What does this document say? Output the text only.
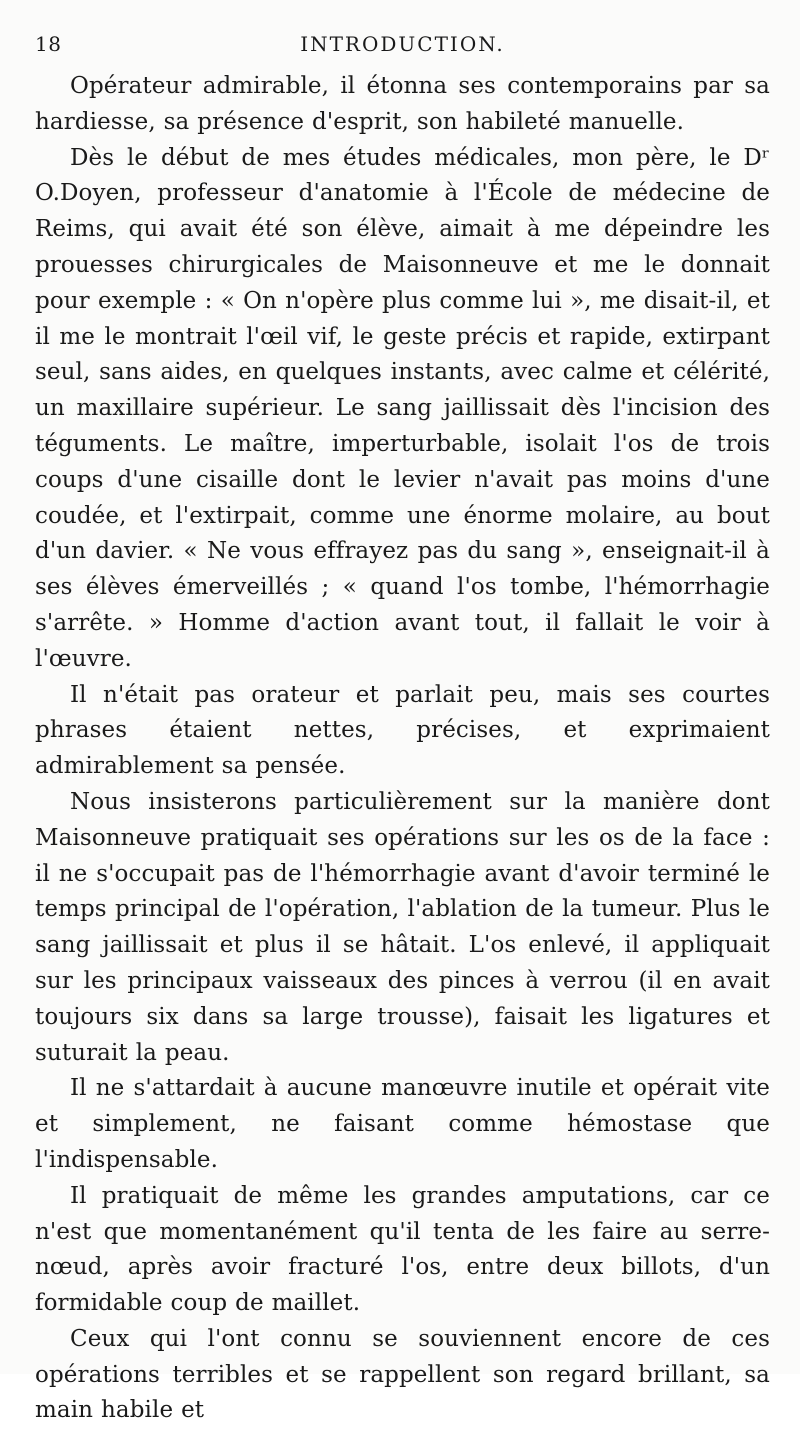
18	INTRODUCTION.

Opérateur admirable, il étonna ses contemporains par sa hardiesse, sa présence d'esprit, son habileté manuelle.

Dès le début de mes études médicales, mon père, le Dʳ O.Doyen, professeur d'anatomie à l'École de médecine de Reims, qui avait été son élève, aimait à me dépeindre les prouesses chirurgicales de Maisonneuve et me le donnait pour exemple : « On n'opère plus comme lui », me disait-il, et il me le montrait l'œil vif, le geste précis et rapide, extirpant seul, sans aides, en quelques instants, avec calme et célérité, un maxillaire supérieur. Le sang jaillissait dès l'incision des téguments. Le maître, imperturbable, isolait l'os de trois coups d'une cisaille dont le levier n'avait pas moins d'une coudée, et l'extirpait, comme une énorme molaire, au bout d'un davier. « Ne vous effrayez pas du sang », enseignait-il à ses élèves émerveillés ; « quand l'os tombe, l'hémorrhagie s'arrête. » Homme d'action avant tout, il fallait le voir à l'œuvre.

Il n'était pas orateur et parlait peu, mais ses courtes phrases étaient nettes, précises, et exprimaient admirablement sa pensée.

Nous insisterons particulièrement sur la manière dont Maisonneuve pratiquait ses opérations sur les os de la face : il ne s'occupait pas de l'hémorrhagie avant d'avoir terminé le temps principal de l'opération, l'ablation de la tumeur. Plus le sang jaillissait et plus il se hâtait. L'os enlevé, il appliquait sur les principaux vaisseaux des pinces à verrou (il en avait toujours six dans sa large trousse), faisait les ligatures et suturait la peau.

Il ne s'attardait à aucune manœuvre inutile et opérait vite et simplement, ne faisant comme hémostase que l'indispensable.

Il pratiquait de même les grandes amputations, car ce n'est que momentanément qu'il tenta de les faire au serre-nœud, après avoir fracturé l'os, entre deux billots, d'un formidable coup de maillet.

Ceux qui l'ont connu se souviennent encore de ces opérations terribles et se rappellent son regard brillant, sa main habile et
